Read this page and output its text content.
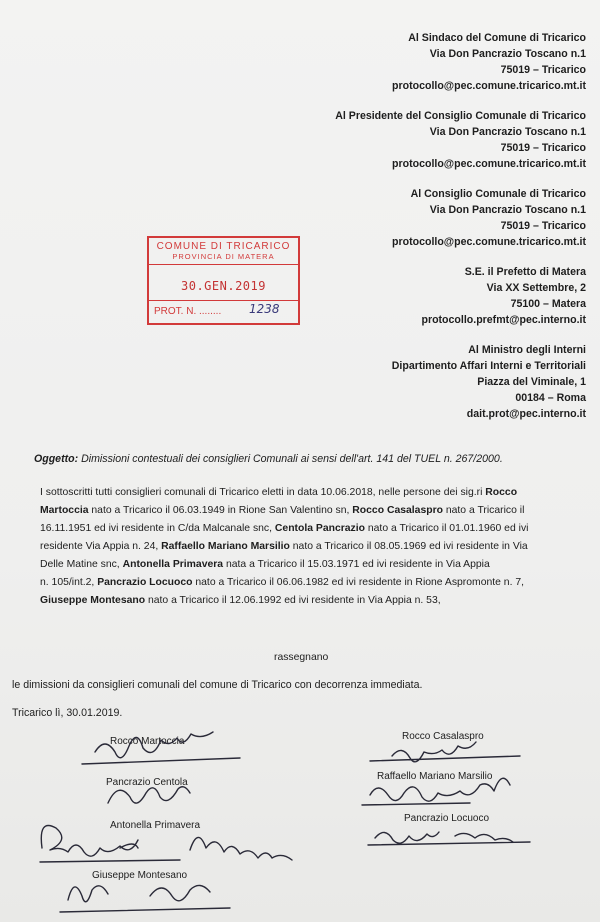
Al Sindaco del Comune di Tricarico
Via Don Pancrazio Toscano n.1
75019 – Tricarico
protocollo@pec.comune.tricarico.mt.it
Al Presidente del Consiglio Comunale di Tricarico
Via Don Pancrazio Toscano n.1
75019 – Tricarico
protocollo@pec.comune.tricarico.mt.it
Al Consiglio Comunale di Tricarico
Via Don Pancrazio Toscano n.1
75019 – Tricarico
protocollo@pec.comune.tricarico.mt.it
S.E. il Prefetto di Matera
Via XX Settembre, 2
75100 – Matera
protocollo.prefmt@pec.interno.it
Al Ministro degli Interni
Dipartimento Affari Interni e Territoriali
Piazza del Viminale, 1
00184 – Roma
dait.prot@pec.interno.it
COMUNE DI TRICARICO
PROVINCIA DI MATERA
30.GEN.2019
PROT. N. ........ 1238
Oggetto: Dimissioni contestuali dei consiglieri Comunali ai sensi dell'art. 141 del TUEL n. 267/2000.
I sottoscritti tutti consiglieri comunali di Tricarico eletti in data 10.06.2018, nelle persone dei sig.ri Rocco
Martoccia nato a Tricarico il 06.03.1949 in Rione San Valentino sn, Rocco Casalaspro nato a Tricarico il
16.11.1951 ed ivi residente in C/da Malcanale snc, Centola Pancrazio nato a Tricarico il 01.01.1960 ed ivi
residente Via Appia n. 24, Raffaello Mariano Marsilio nato a Tricarico il 08.05.1969 ed ivi residente in Via
Delle Matine snc, Antonella Primavera nata a Tricarico il 15.03.1971 ed ivi residente in Via Appia
n. 105/int.2, Pancrazio Locuoco nato a Tricarico il 06.06.1982 ed ivi residente in Rione Aspromonte n. 7,
Giuseppe Montesano nato a Tricarico il 12.06.1992 ed ivi residente in Via Appia n. 53,
rassegnano
le dimissioni da consiglieri comunali del comune di Tricarico con decorrenza immediata.
Tricarico lì, 30.01.2019.
Rocco Martoccia	Rocco Casalaspro
Pancrazio Centola
Raffaello Mariano Marsilio
Antonella Primavera
Pancrazio Locuoco
Giuseppe Montesano
